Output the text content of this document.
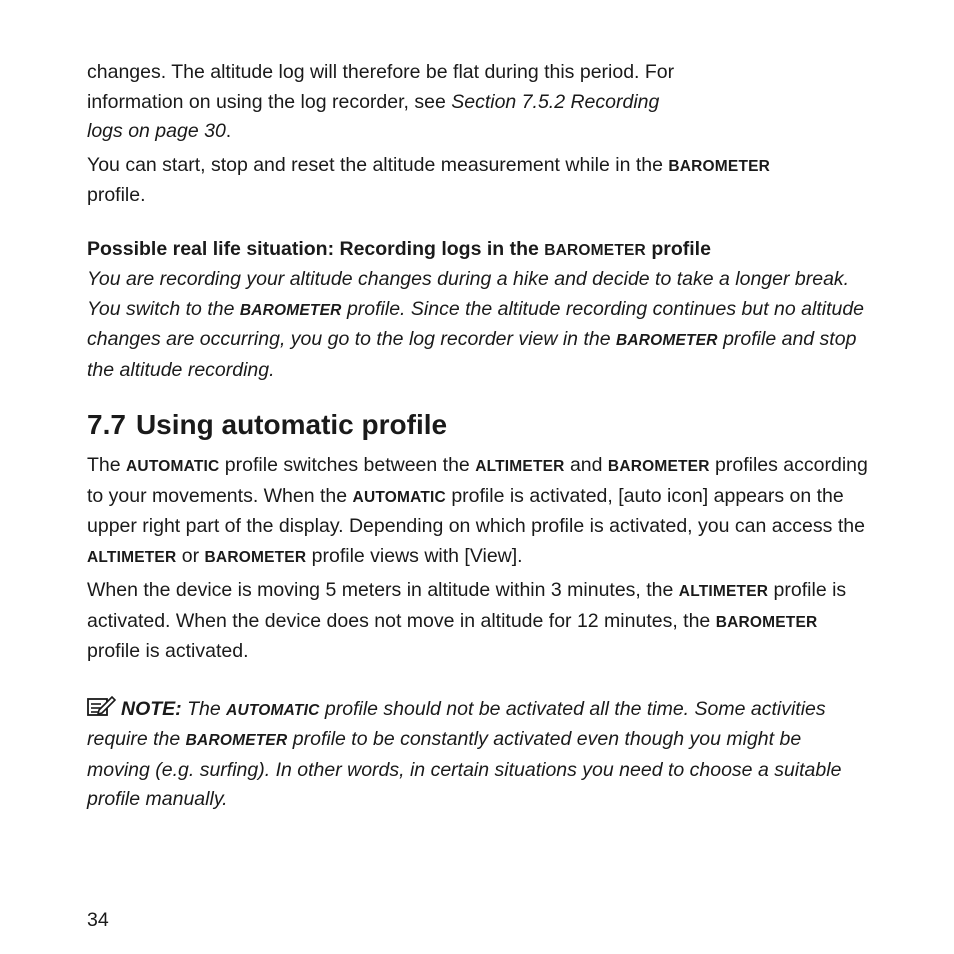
changes. The altitude log will therefore be flat during this period. For
information on using the log recorder, see Section 7.5.2 Recording
logs on page 30.

You can start, stop and reset the altitude measurement while in the BAROMETER
profile.

Possible real life situation: Recording logs in the BAROMETER profile

You are recording your altitude changes during a hike and decide to take a longer break. You switch to the BAROMETER profile. Since the altitude recording continues but no altitude changes are occurring, you go to the log recorder view in the BAROMETER profile and stop the altitude recording.

7.7 Using automatic profile

The AUTOMATIC profile switches between the ALTIMETER and BAROMETER profiles according to your movements. When the AUTOMATIC profile is activated, [auto icon] appears on the upper right part of the display. Depending on which profile is activated, you can access the ALTIMETER or BAROMETER profile views with [View].

When the device is moving 5 meters in altitude within 3 minutes, the ALTIMETER profile is activated. When the device does not move in altitude for 12 minutes, the BAROMETER profile is activated.

NOTE: The AUTOMATIC profile should not be activated all the time. Some activities require the BAROMETER profile to be constantly activated even though you might be moving (e.g. surfing). In other words, in certain situations you need to choose a suitable profile manually.

34
